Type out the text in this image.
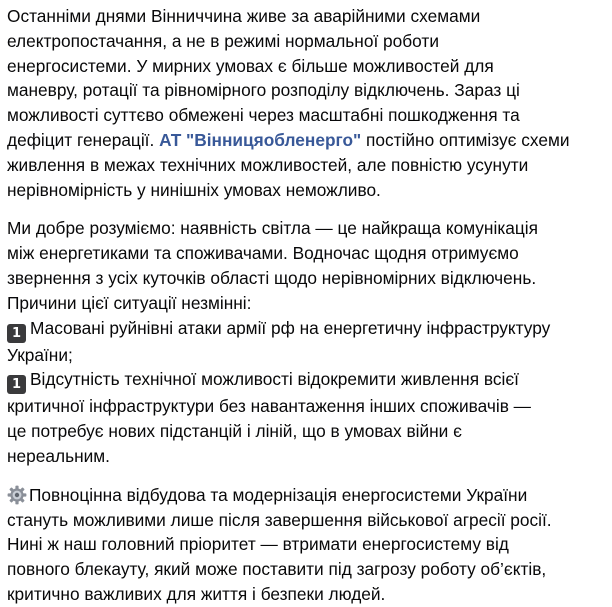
Останніми днями Вінниччина живе за аварійними схемами
електропостачання, а не в режимі нормальної роботи
енергосистеми. У мирних умовах є більше можливостей для
маневру, ротації та рівномірного розподілу відключень. Зараз ці
можливості суттєво обмежені через масштабні пошкодження та
дефіцит генерації. АТ "Вінницяобленерго" постійно оптимізує схеми
живлення в межах технічних можливостей, але повністю усунути
нерівномірність у нинішніх умовах неможливо.

Ми добре розуміємо: наявність світла — це найкраща комунікація
між енергетиками та споживачами. Водночас щодня отримуємо
звернення з усіх куточків області щодо нерівномірних відключень.
Причини цієї ситуації незмінні:
1 Масовані руйнівні атаки армії рф на енергетичну інфраструктуру
України;
1 Відсутність технічної можливості відокремити живлення всієї
критичної інфраструктури без навантаження інших споживачів —
це потребує нових підстанцій і ліній, що в умовах війни є
нереальним.

Повноцінна відбудова та модернізація енергосистеми України
стануть можливими лише після завершення військової агресії росії.
Нині ж наш головний пріоритет — втримати енергосистему від
повного блекауту, який може поставити під загрозу роботу об’єктів,
критично важливих для життя і безпеки людей.
